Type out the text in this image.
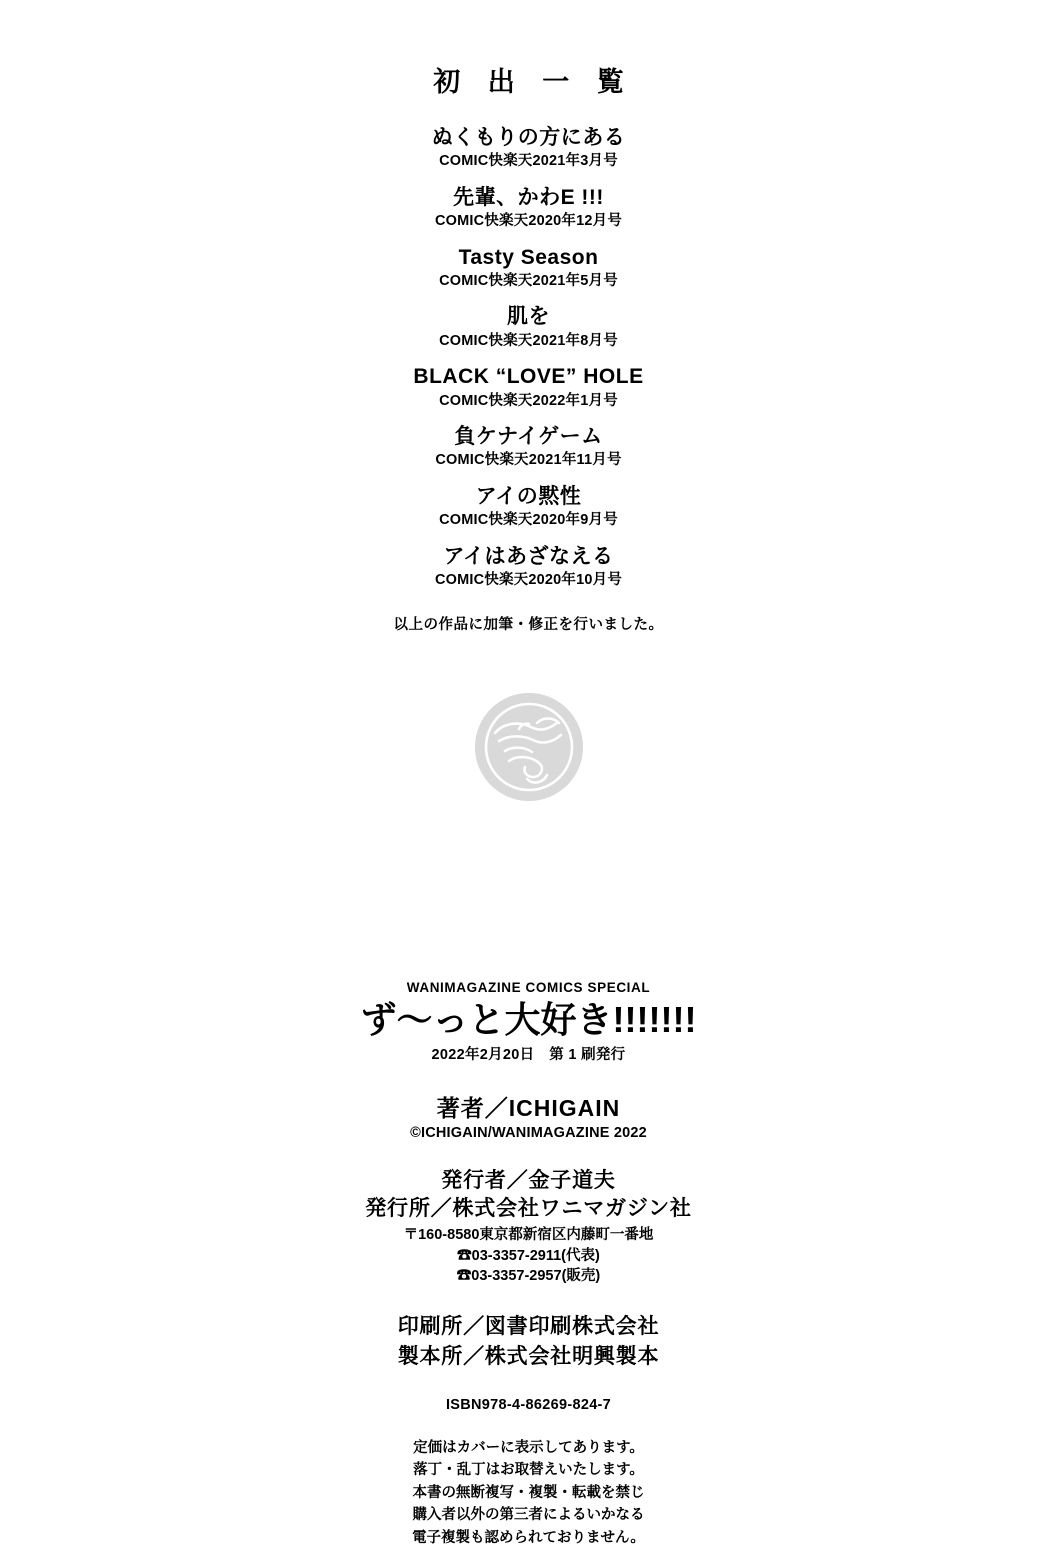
初 出 一 覧
ぬくもりの方にある
COMIC快楽天2021年3月号
先輩、かわE !!!
COMIC快楽天2020年12月号
Tasty Season
COMIC快楽天2021年5月号
肌を
COMIC快楽天2021年8月号
BLACK “LOVE” HOLE
COMIC快楽天2022年1月号
負ケナイゲーム
COMIC快楽天2021年11月号
アイの黙性
COMIC快楽天2020年9月号
アイはあざなえる
COMIC快楽天2020年10月号
以上の作品に加筆・修正を行いました。
WANIMAGAZINE COMICS SPECIAL
ず～っと大好き!!!!!!!
2022年2月20日　第 1 刷発行
著者／ICHIGAIN
©ICHIGAIN/WANIMAGAZINE 2022
発行者／金子道夫
発行所／株式会社ワニマガジン社
〒160-8580東京都新宿区内藤町一番地
☎03-3357-2911(代表)
☎03-3357-2957(販売)
印刷所／図書印刷株式会社
製本所／株式会社明興製本
ISBN978-4-86269-824-7
定価はカバーに表示してあります。
落丁・乱丁はお取替えいたします。
本書の無断複写・複製・転載を禁じ
購入者以外の第三者によるいかなる
電子複製も認められておりません。
